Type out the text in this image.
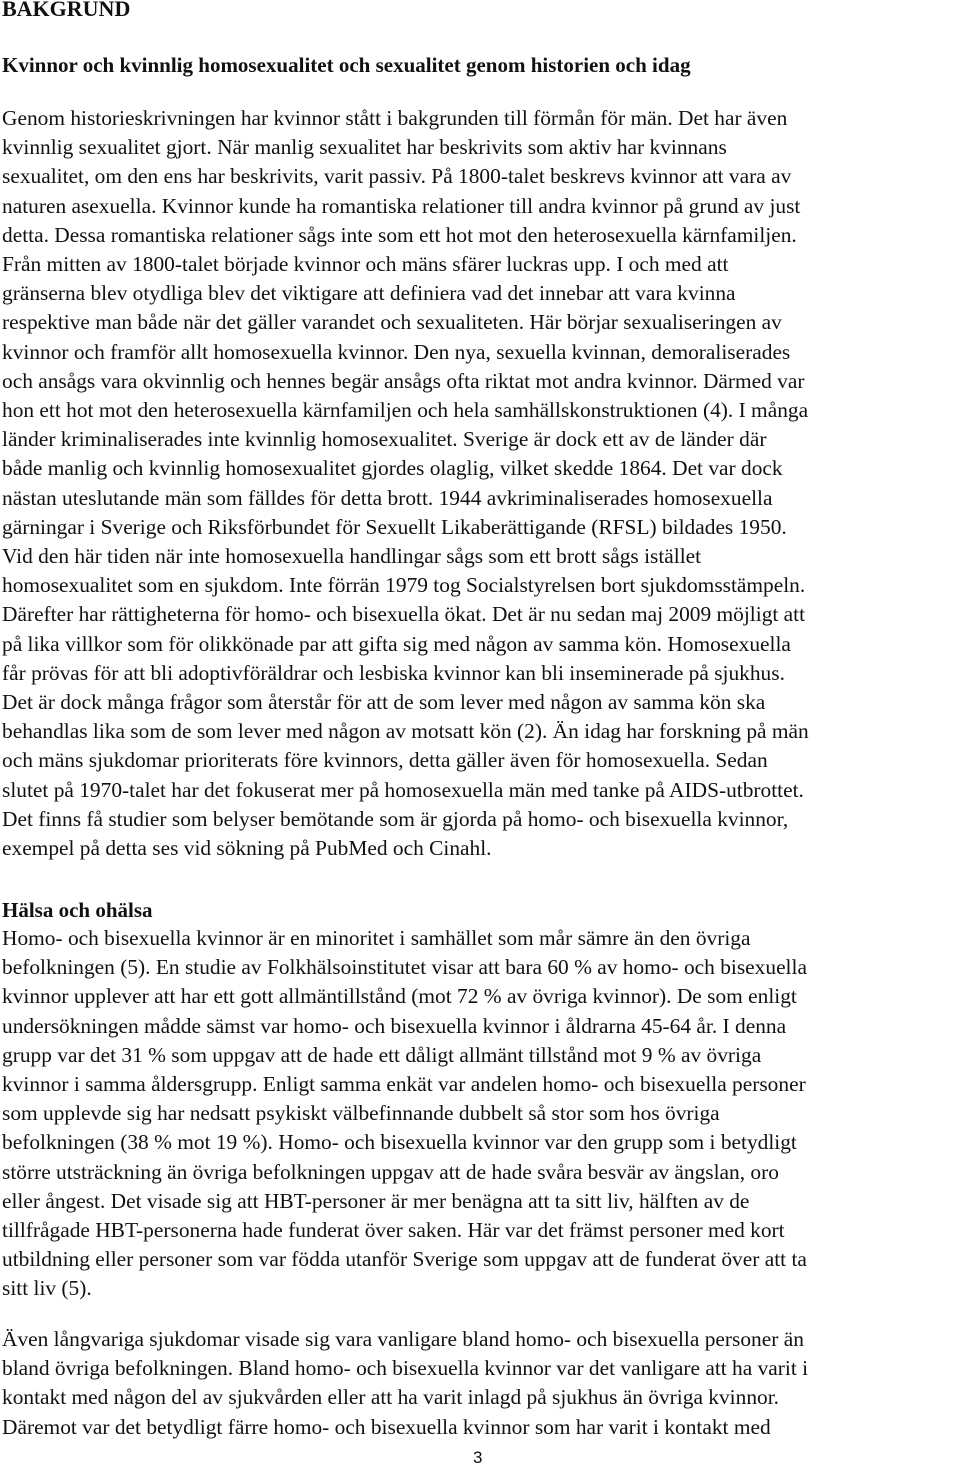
BAKGRUND
Kvinnor och kvinnlig homosexualitet och sexualitet genom historien och idag

Genom historieskrivningen har kvinnor stått i bakgrunden till förmån för män. Det har även
kvinnlig sexualitet gjort. När manlig sexualitet har beskrivits som aktiv har kvinnans
sexualitet, om den ens har beskrivits, varit passiv. På 1800-talet beskrevs kvinnor att vara av
naturen asexuella. Kvinnor kunde ha romantiska relationer till andra kvinnor på grund av just
detta. Dessa romantiska relationer sågs inte som ett hot mot den heterosexuella kärnfamiljen.
Från mitten av 1800-talet började kvinnor och mäns sfärer luckras upp. I och med att
gränserna blev otydliga blev det viktigare att definiera vad det innebar att vara kvinna
respektive man både när det gäller varandet och sexualiteten. Här börjar sexualiseringen av
kvinnor och framför allt homosexuella kvinnor. Den nya, sexuella kvinnan, demoraliserades
och ansågs vara okvinnlig och hennes begär ansågs ofta riktat mot andra kvinnor. Därmed var
hon ett hot mot den heterosexuella kärnfamiljen och hela samhällskonstruktionen (4). I många
länder kriminaliserades inte kvinnlig homosexualitet. Sverige är dock ett av de länder där
både manlig och kvinnlig homosexualitet gjordes olaglig, vilket skedde 1864. Det var dock
nästan uteslutande män som fälldes för detta brott. 1944 avkriminaliserades homosexuella
gärningar i Sverige och Riksförbundet för Sexuellt Likaberättigande (RFSL) bildades 1950.
Vid den här tiden när inte homosexuella handlingar sågs som ett brott sågs istället
homosexualitet som en sjukdom. Inte förrän 1979 tog Socialstyrelsen bort sjukdomsstämpeln.
Därefter har rättigheterna för homo- och bisexuella ökat. Det är nu sedan maj 2009 möjligt att
på lika villkor som för olikkönade par att gifta sig med någon av samma kön. Homosexuella
får prövas för att bli adoptivföräldrar och lesbiska kvinnor kan bli inseminerade på sjukhus.
Det är dock många frågor som återstår för att de som lever med någon av samma kön ska
behandlas lika som de som lever med någon av motsatt kön (2). Än idag har forskning på män
och mäns sjukdomar prioriterats före kvinnors, detta gäller även för homosexuella. Sedan
slutet på 1970-talet har det fokuserat mer på homosexuella män med tanke på AIDS-utbrottet.
Det finns få studier som belyser bemötande som är gjorda på homo- och bisexuella kvinnor,
exempel på detta ses vid sökning på PubMed och Cinahl.

Hälsa och ohälsa

Homo- och bisexuella kvinnor är en minoritet i samhället som mår sämre än den övriga
befolkningen (5). En studie av Folkhälsoinstitutet visar att bara 60 % av homo- och bisexuella
kvinnor upplever att har ett gott allmäntillstånd (mot 72 % av övriga kvinnor). De som enligt
undersökningen mådde sämst var homo- och bisexuella kvinnor i åldrarna 45-64 år. I denna
grupp var det 31 % som uppgav att de hade ett dåligt allmänt tillstånd mot 9 % av övriga
kvinnor i samma åldersgrupp. Enligt samma enkät var andelen homo- och bisexuella personer
som upplevde sig har nedsatt psykiskt välbefinnande dubbelt så stor som hos övriga
befolkningen (38 % mot 19 %). Homo- och bisexuella kvinnor var den grupp som i betydligt
större utsträckning än övriga befolkningen uppgav att de hade svåra besvär av ängslan, oro
eller ångest. Det visade sig att HBT-personer är mer benägna att ta sitt liv, hälften av de
tillfrågade HBT-personerna hade funderat över saken. Här var det främst personer med kort
utbildning eller personer som var födda utanför Sverige som uppgav att de funderat över att ta
sitt liv (5).

Även långvariga sjukdomar visade sig vara vanligare bland homo- och bisexuella personer än
bland övriga befolkningen. Bland homo- och bisexuella kvinnor var det vanligare att ha varit i
kontakt med någon del av sjukvården eller att ha varit inlagd på sjukhus än övriga kvinnor.
Däremot var det betydligt färre homo- och bisexuella kvinnor som har varit i kontakt med

3
